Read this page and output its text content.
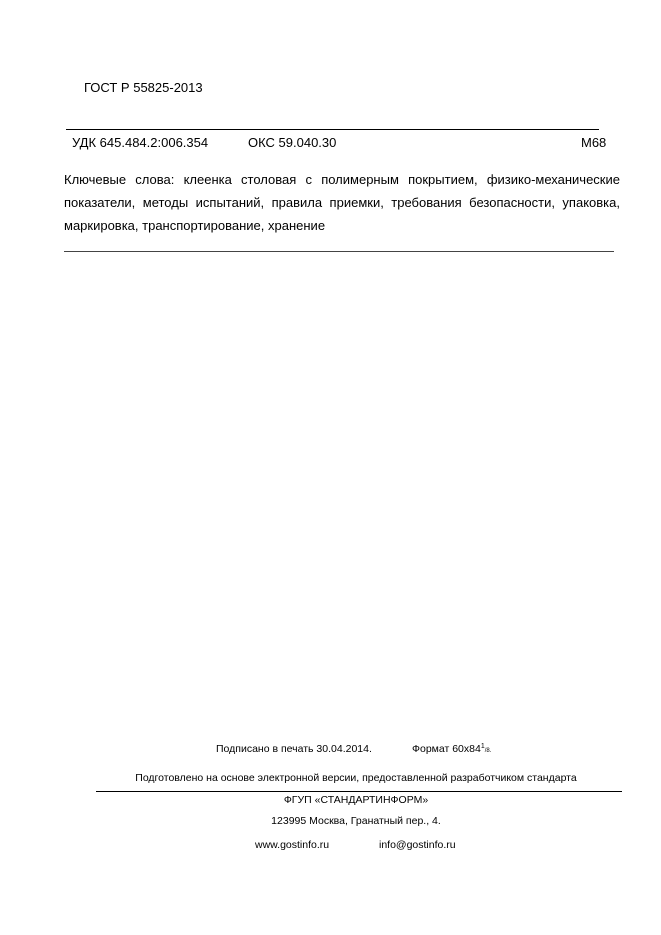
ГОСТ Р 55825-2013
УДК 645.484.2:006.354	ОКС 59.040.30	М68
Ключевые слова: клеенка столовая с полимерным покрытием, физико-механические показатели, методы испытаний, правила приемки, требования безопасности, упаковка, маркировка, транспортирование, хранение
Подписано в печать 30.04.2014.	Формат $60x84^1/8$.
Подготовлено на основе электронной версии, предоставленной разработчиком стандарта
ФГУП «СТАНДАРТИНФОРМ»
123995 Москва, Гранатный пер., 4.
www.gostinfo.ru	info@gostinfo.ru
